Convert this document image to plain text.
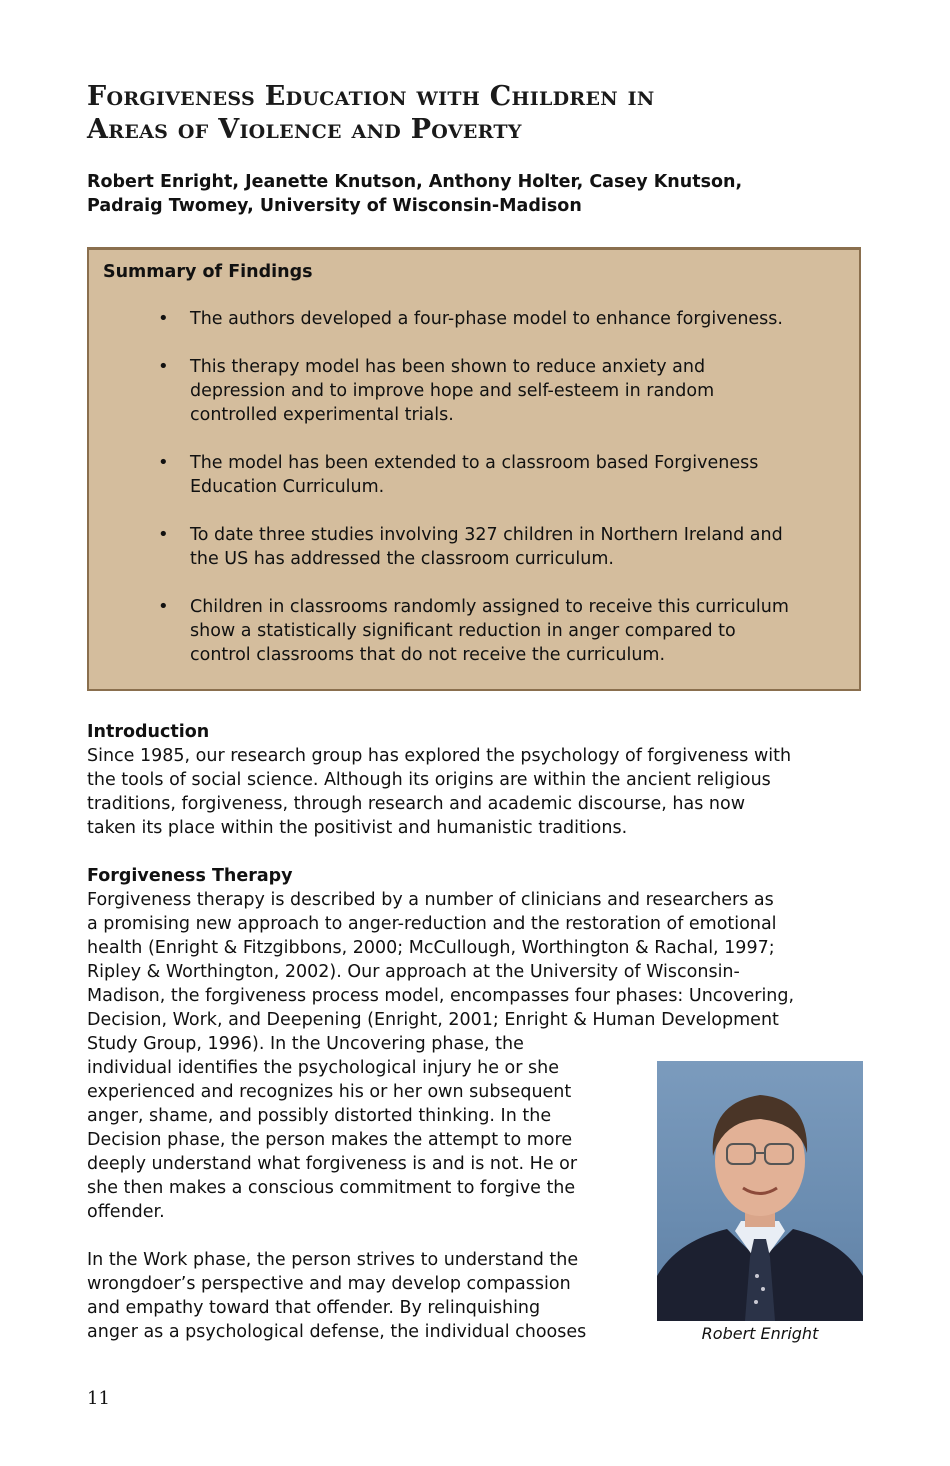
Forgiveness Education with Children in
Areas of Violence and Poverty
Robert Enright, Jeanette Knutson, Anthony Holter, Casey Knutson,
Padraig Twomey, University of Wisconsin-Madison
Summary of Findings
• The authors developed a four-phase model to enhance forgiveness.
• This therapy model has been shown to reduce anxiety and
depression and to improve hope and self-esteem in random
controlled experimental trials.
• The model has been extended to a classroom based Forgiveness
Education Curriculum.
• To date three studies involving 327 children in Northern Ireland and
the US has addressed the classroom curriculum.
• Children in classrooms randomly assigned to receive this curriculum
show a statistically significant reduction in anger compared to
control classrooms that do not receive the curriculum.
Introduction
Since 1985, our research group has explored the psychology of forgiveness with
the tools of social science. Although its origins are within the ancient religious
traditions, forgiveness, through research and academic discourse, has now
taken its place within the positivist and humanistic traditions.
Forgiveness Therapy
Forgiveness therapy is described by a number of clinicians and researchers as
a promising new approach to anger-reduction and the restoration of emotional
health (Enright & Fitzgibbons, 2000; McCullough, Worthington & Rachal, 1997;
Ripley & Worthington, 2002). Our approach at the University of Wisconsin-
Madison, the forgiveness process model, encompasses four phases: Uncovering,
Decision, Work, and Deepening (Enright, 2001; Enright & Human Development
Study Group, 1996). In the Uncovering phase, the
individual identifies the psychological injury he or she
experienced and recognizes his or her own subsequent
anger, shame, and possibly distorted thinking. In the
Decision phase, the person makes the attempt to more
deeply understand what forgiveness is and is not. He or
she then makes a conscious commitment to forgive the
offender.
In the Work phase, the person strives to understand the
wrongdoer’s perspective and may develop compassion
and empathy toward that offender. By relinquishing
anger as a psychological defense, the individual chooses	Robert Enright
11
